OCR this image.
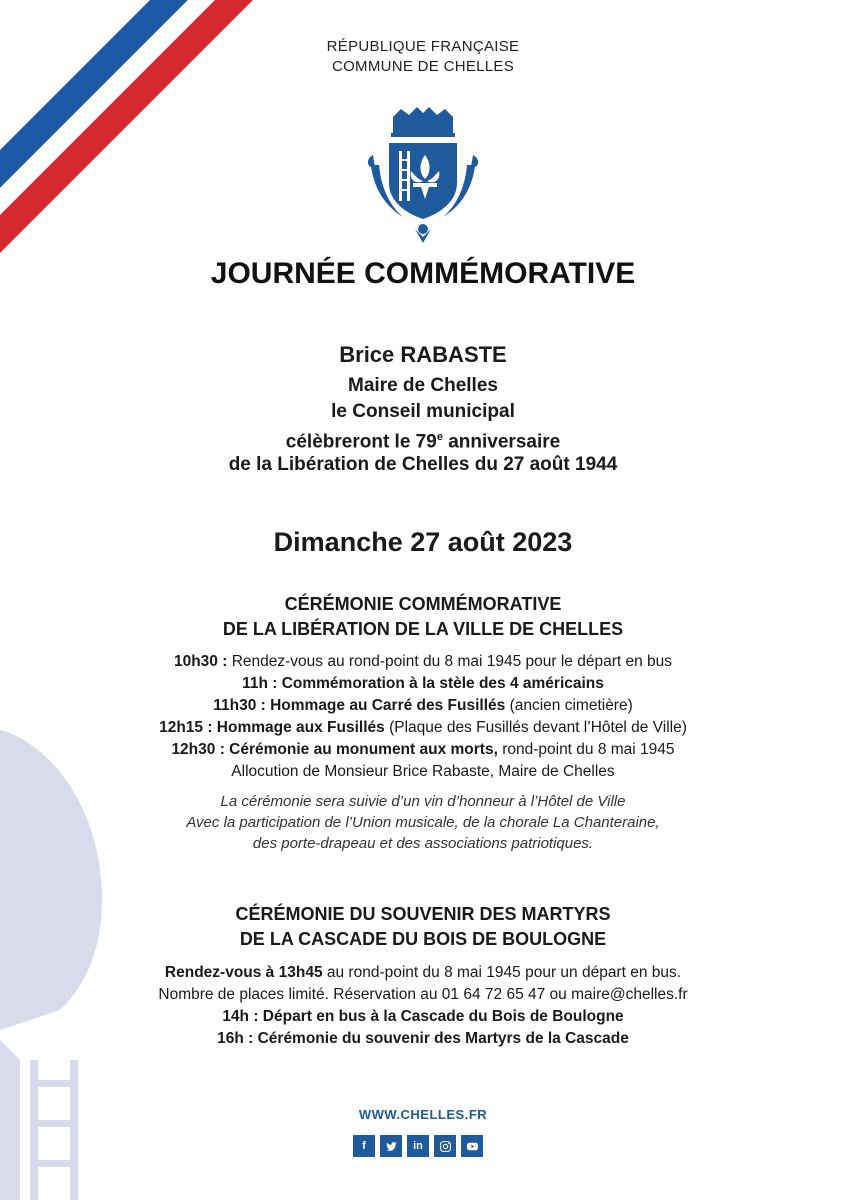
RÉPUBLIQUE FRANÇAISE
COMMUNE DE CHELLES
JOURNÉE COMMÉMORATIVE
Brice RABASTE
Maire de Chelles
le Conseil municipal
célèbreront le 79e anniversaire
de la Libération de Chelles du 27 août 1944
Dimanche 27 août 2023
CÉRÉMONIE COMMÉMORATIVE
DE LA LIBÉRATION DE LA VILLE DE CHELLES
10h30 : Rendez-vous au rond-point du 8 mai 1945 pour le départ en bus
11h : Commémoration à la stèle des 4 américains
11h30 : Hommage au Carré des Fusillés (ancien cimetière)
12h15 : Hommage aux Fusillés (Plaque des Fusillés devant l’Hôtel de Ville)
12h30 : Cérémonie au monument aux morts, rond-point du 8 mai 1945
Allocution de Monsieur Brice Rabaste, Maire de Chelles
La cérémonie sera suivie d’un vin d’honneur à l’Hôtel de Ville
Avec la participation de l’Union musicale, de la chorale La Chanteraine,
des porte-drapeau et des associations patriotiques.
CÉRÉMONIE DU SOUVENIR DES MARTYRS
DE LA CASCADE DU BOIS DE BOULOGNE
Rendez-vous à 13h45 au rond-point du 8 mai 1945 pour un départ en bus.
Nombre de places limité. Réservation au 01 64 72 65 47 ou maire@chelles.fr
14h : Départ en bus à la Cascade du Bois de Boulogne
16h : Cérémonie du souvenir des Martyrs de la Cascade
WWW.CHELLES.FR
f	in
